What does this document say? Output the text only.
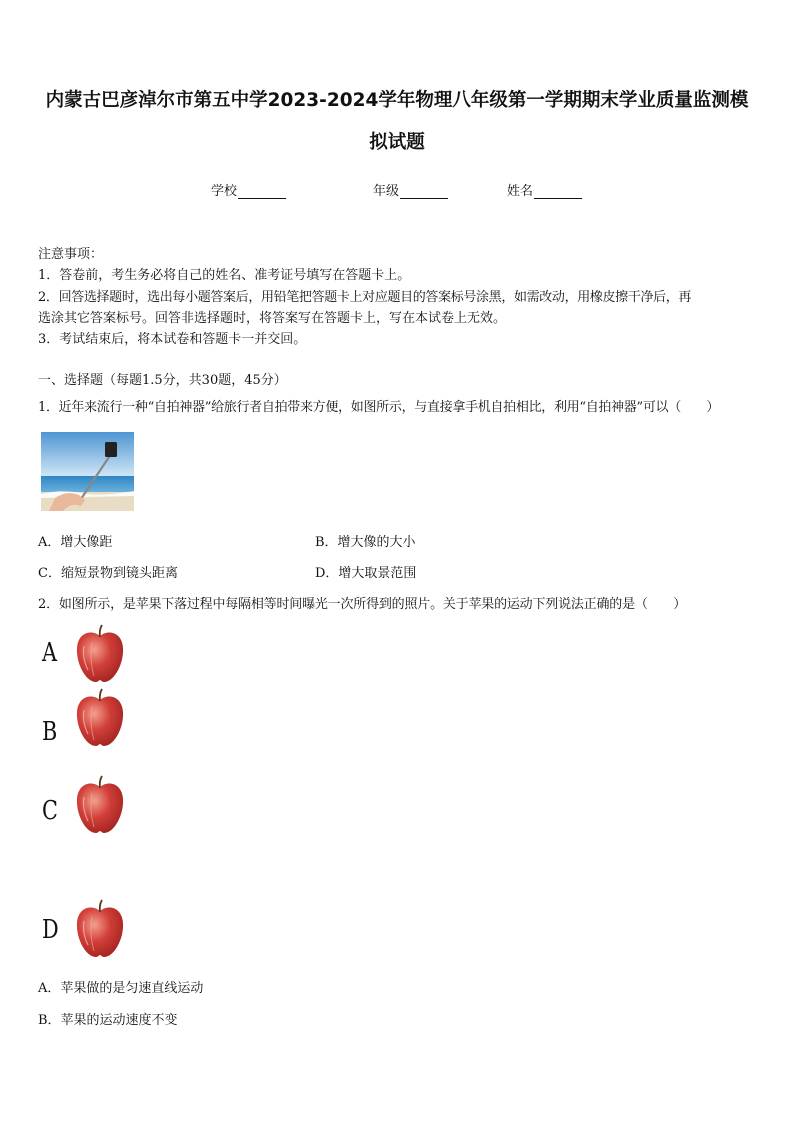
内蒙古巴彦淖尔市第五中学2023-2024学年物理八年级第一学期期末学业质量监测模
拟试题
学校	年级	姓名
注意事项：
1．答卷前，考生务必将自己的姓名、准考证号填写在答题卡上。
2．回答选择题时，选出每小题答案后，用铅笔把答题卡上对应题目的答案标号涂黑，如需改动，用橡皮擦干净后，再
选涂其它答案标号。回答非选择题时，将答案写在答题卡上，写在本试卷上无效。
3．考试结束后，将本试卷和答题卡一并交回。
一、选择题（每题1.5分，共30题，45分）
1．近年来流行一种“自拍神器”给旅行者自拍带来方便，如图所示，与直接拿手机自拍相比，利用“自拍神器”可以（　　）
A．增大像距	B．增大像的大小
C．缩短景物到镜头距离	D．增大取景范围
2．如图所示，是苹果下落过程中每隔相等时间曝光一次所得到的照片。关于苹果的运动下列说法正确的是（　　）
A
B
C
D
A．苹果做的是匀速直线运动
B．苹果的运动速度不变
